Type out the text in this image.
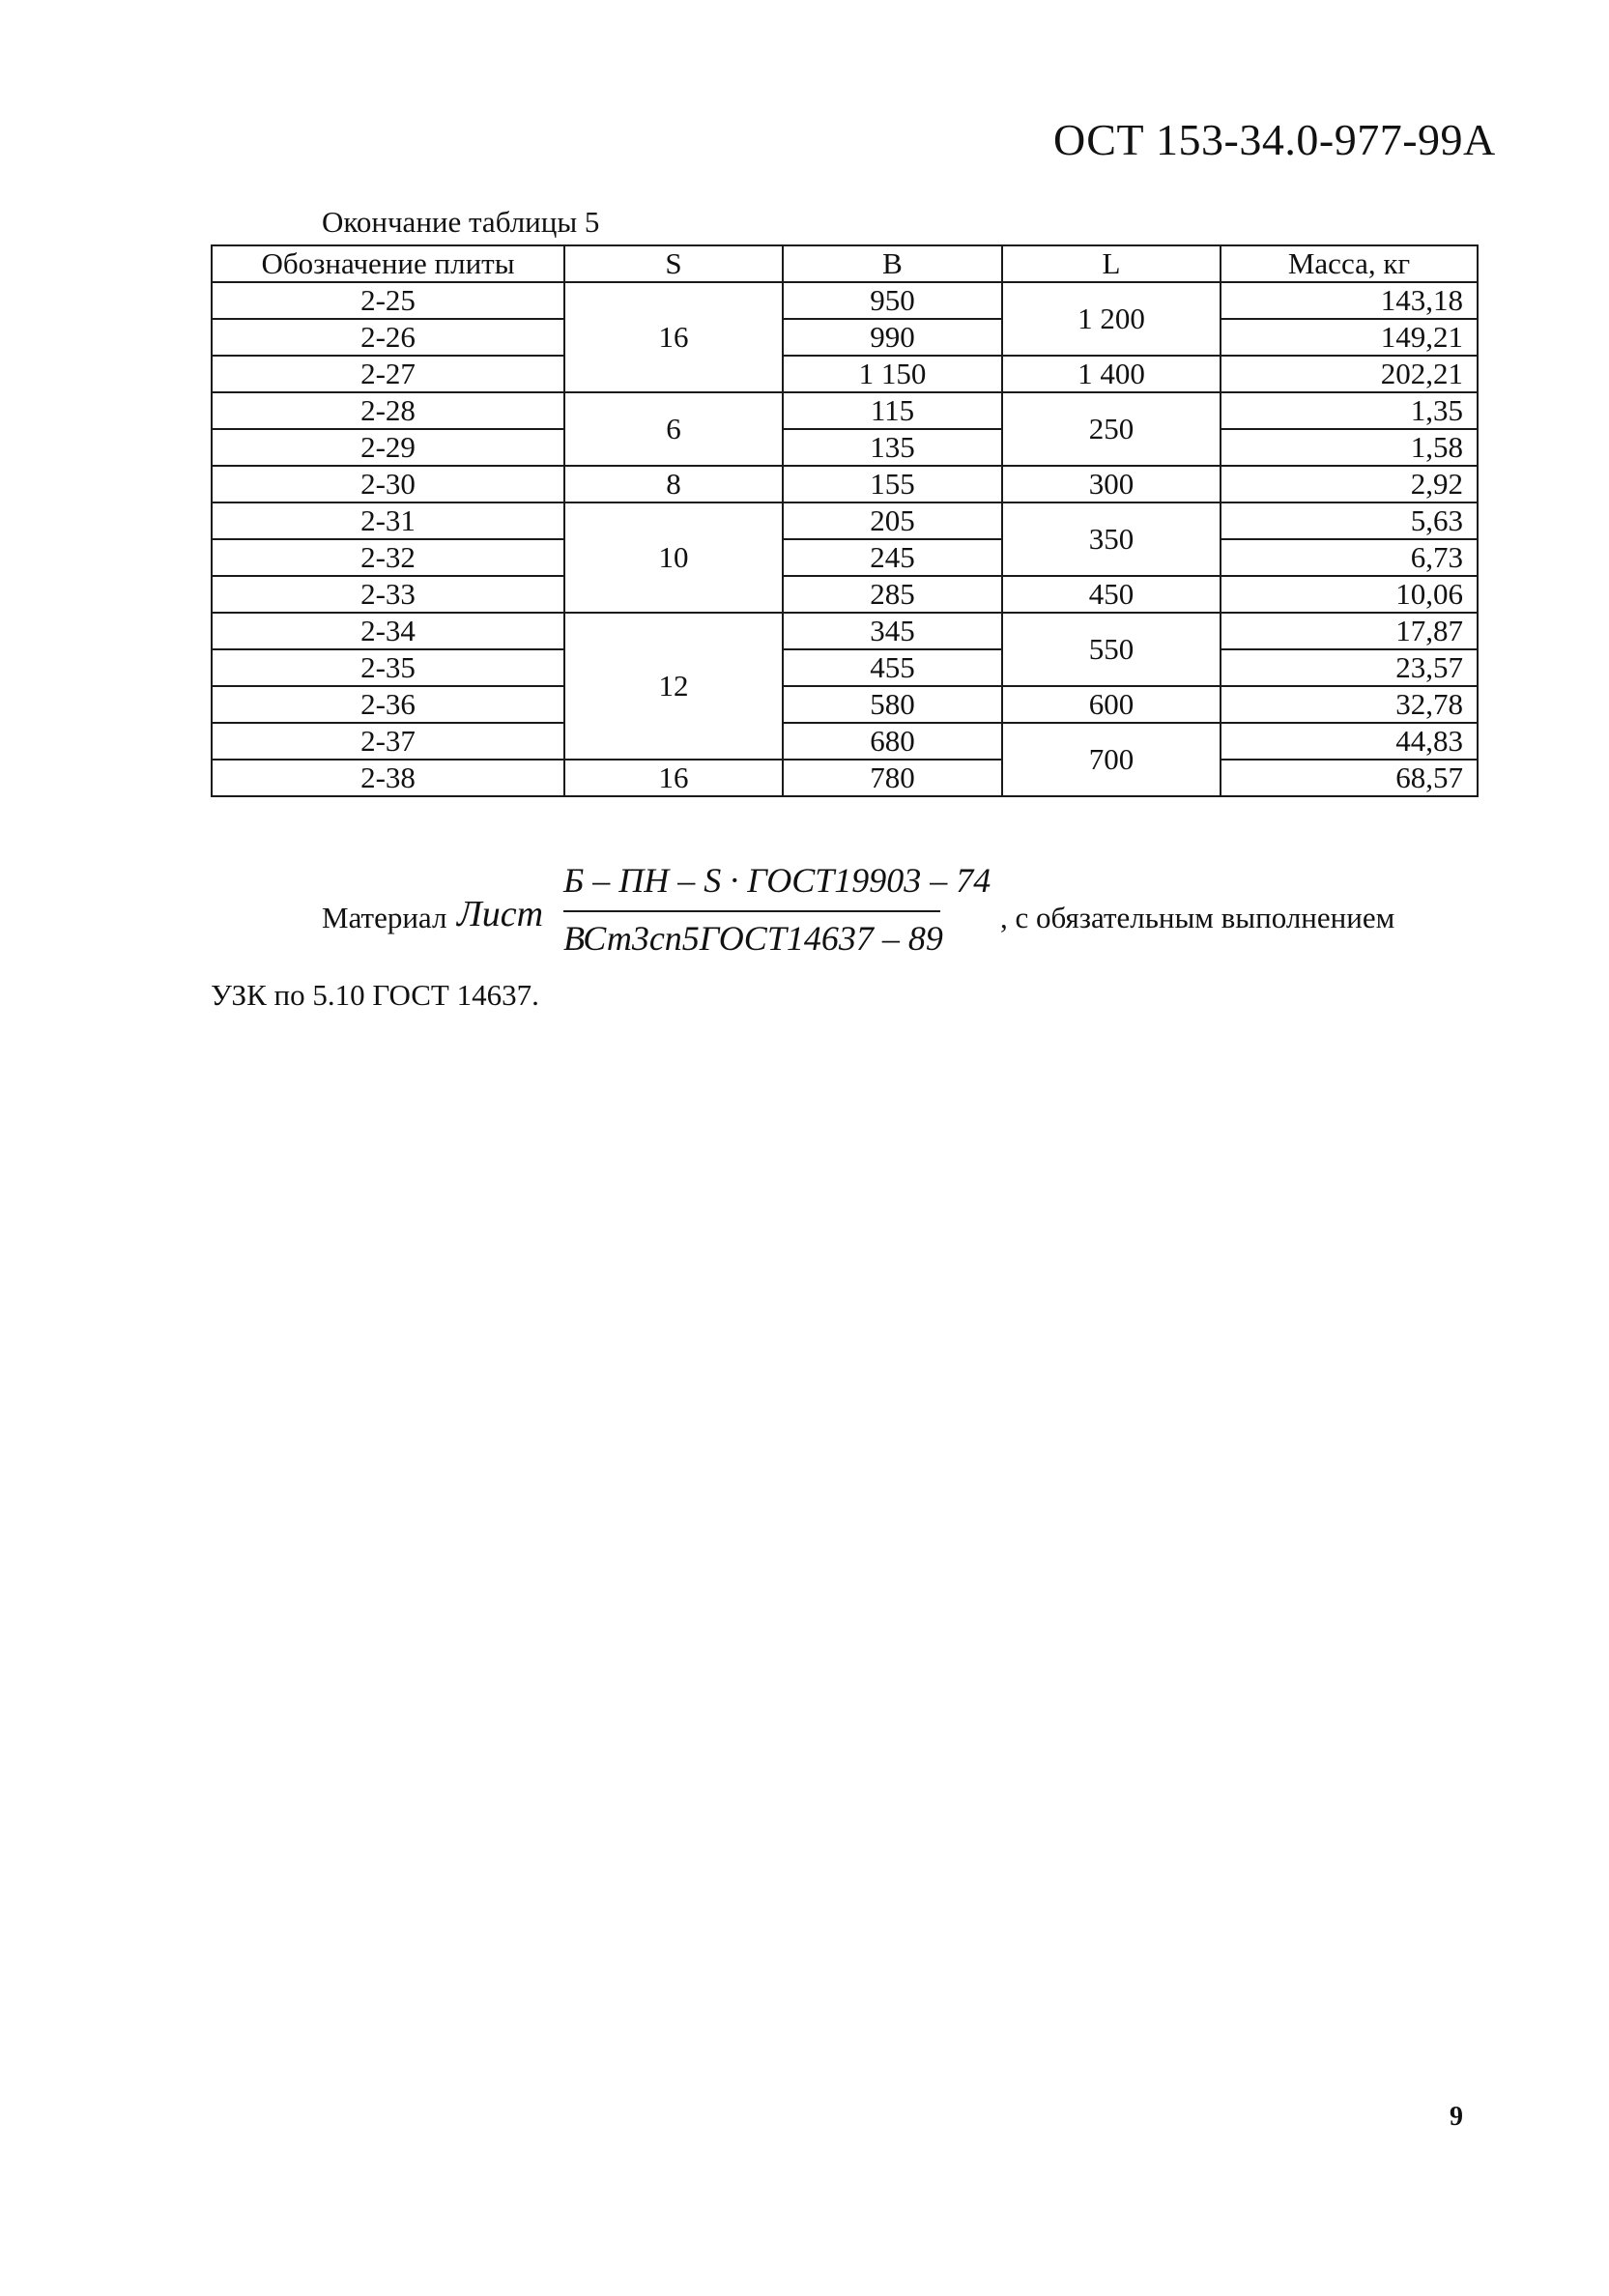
ОСТ 153-34.0-977-99А
Окончание таблицы 5
Обозначение плиты	S	B	L	Масса, кг
2-25	16	950	1 200	143,18
2-26		990		149,21
2-27		1 150	1 400	202,21
2-28	6	115	250	1,35
2-29		135		1,58
2-30	8	155	300	2,92
2-31	10	205	350	5,63
2-32		245		6,73
2-33		285	450	10,06
2-34	12	345	550	17,87
2-35		455		23,57
2-36		580	600	32,78
2-37		680	700	44,83
2-38	16	780		68,57
Материал Лист
Б – ПН – S · ГОСТ19903 – 74
ВСт3сп5ГОСТ14637 – 89
, с обязательным выполнением
УЗК по 5.10 ГОСТ 14637.
9
